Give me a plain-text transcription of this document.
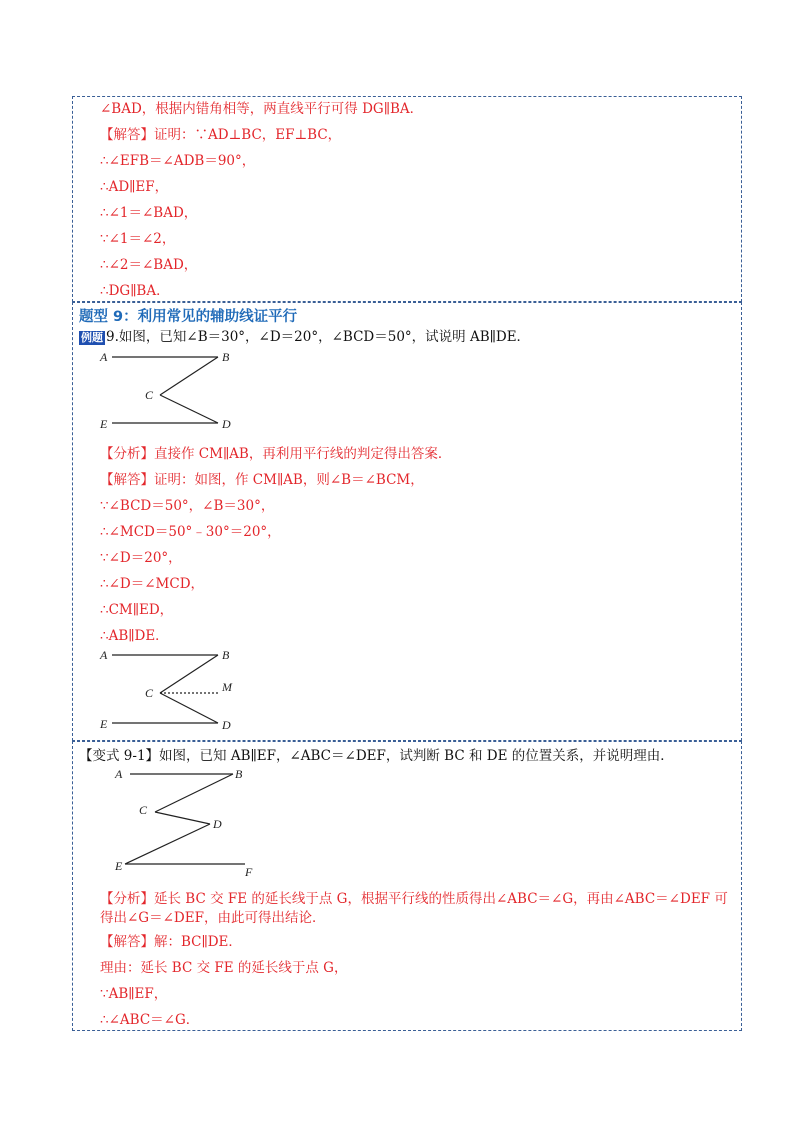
∠BAD，根据内错角相等，两直线平行可得 DG∥BA．
【解答】证明：∵AD⊥BC，EF⊥BC，
∴∠EFB＝∠ADB＝90°，
∴AD∥EF，
∴∠1＝∠BAD，
∵∠1＝∠2，
∴∠2＝∠BAD，
∴DG∥BA．
题型 9：利用常见的辅助线证平行
例题 9.如图，已知∠B＝30°，∠D＝20°，∠BCD＝50°，试说明 AB∥DE．
A	B
C
E	D
【分析】直接作 CM∥AB，再利用平行线的判定得出答案．
【解答】证明：如图，作 CM∥AB，则∠B＝∠BCM，
∵∠BCD＝50°，∠B＝30°，
∴∠MCD＝50°﹣30°＝20°，
∵∠D＝20°，
∴∠D＝∠MCD，
∴CM∥ED，
∴AB∥DE．
A	B
C	M
E	D
【变式 9-1】如图，已知 AB∥EF，∠ABC＝∠DEF，试判断 BC 和 DE 的位置关系，并说明理由．
A	B
C
D
E	F
【分析】延长 BC 交 FE 的延长线于点 G，根据平行线的性质得出∠ABC＝∠G，再由∠ABC＝∠DEF 可
得出∠G＝∠DEF，由此可得出结论．
【解答】解：BC∥DE．
理由：延长 BC 交 FE 的延长线于点 G，
∵AB∥EF，
∴∠ABC＝∠G．
